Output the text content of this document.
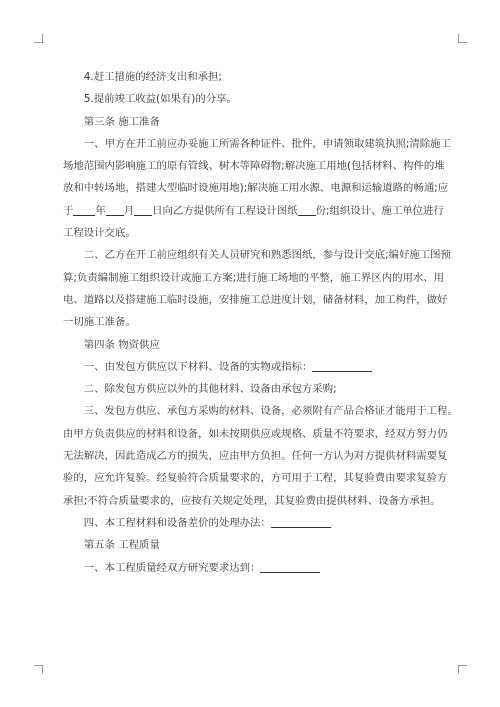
4.赶工措施的经济支出和承担;

5.提前竣工收益(如果有)的分享。

第三条 施工准备

一、甲方在开工前应办妥施工所需各种证件、批件，申请领取建筑执照;清除施工
场地范围内影响施工的原有管线、树木等障碍物;解决施工用地(包括材料、构件的堆
放和中转场地，搭建大型临时设施用地);解决施工用水源、电源和运输道路的畅通;应
于 年 月 日向乙方提供所有工程设计图纸 份;组织设计、施工单位进行
工程设计交底。
二、乙方在开工前应组织有关人员研究和熟悉图纸，参与设计交底;编好施工图预
算;负责编制施工组织设计或施工方案;进行施工场地的平整，施工界区内的用水、用
电、道路以及搭建施工临时设施，安排施工总进度计划，储备材料，加工构件，做好
一切施工准备。

第四条 物资供应

一、由发包方供应以下材料、设备的实物或指标：

二、除发包方供应以外的其他材料、设备由承包方采购;

三、发包方供应、承包方采购的材料、设备，必须附有产品合格证才能用于工程。
由甲方负责供应的材料和设备，如未按期供应或规格、质量不符要求，经双方努力仍
无法解决，因此造成乙方的损失，应由甲方负担。任何一方认为对方提供材料需要复
验的，应允许复验。经复验符合质量要求的，方可用于工程，其复验费由要求复验方
承担;不符合质量要求的，应按有关规定处理，其复验费由提供材料、设备方承担。

四、本工程材料和设备差价的处理办法：

第五条 工程质量

一、本工程质量经双方研究要求达到：
